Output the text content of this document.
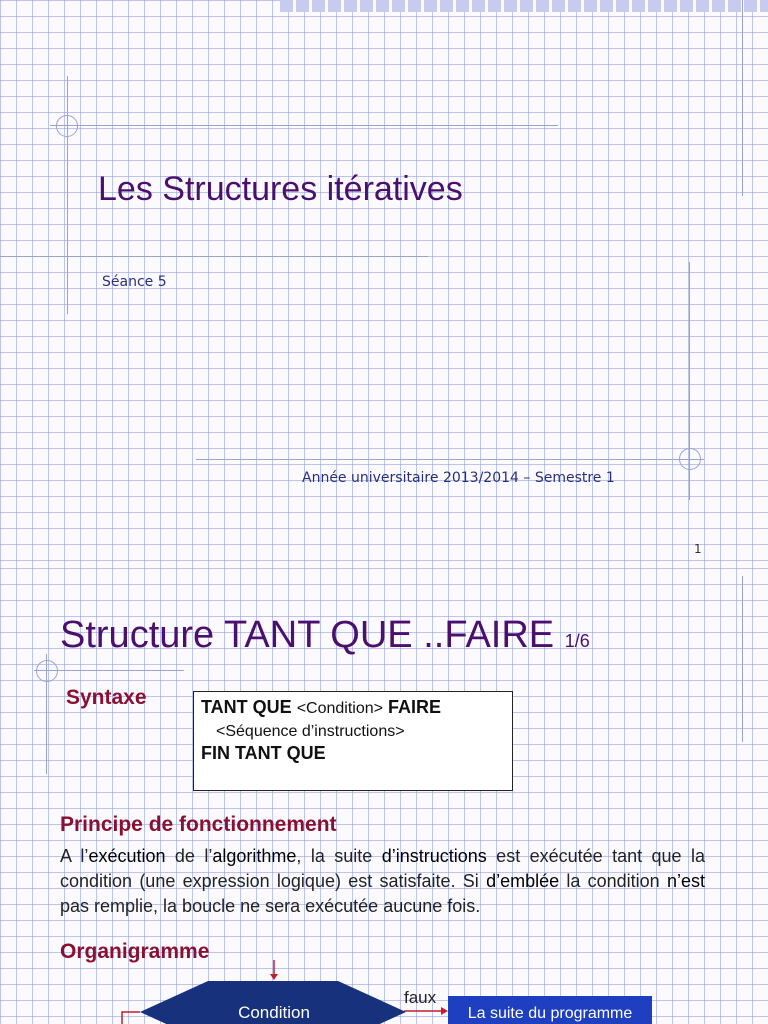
Les Structures itératives
Séance 5
Année universitaire 2013/2014 – Semestre 1
1
Structure TANT QUE ..FAIRE 1/6
Syntaxe	TANT QUE <Condition> FAIRE
<Séquence d’instructions>
FIN TANT QUE
Principe de fonctionnement
A l’exécution de l’algorithme, la suite d’instructions est exécutée tant que la condition (une expression logique) est satisfaite. Si d’emblée la condition n’est pas remplie, la boucle ne sera exécutée aucune fois.
Organigramme
Condition
faux
La suite du programme
